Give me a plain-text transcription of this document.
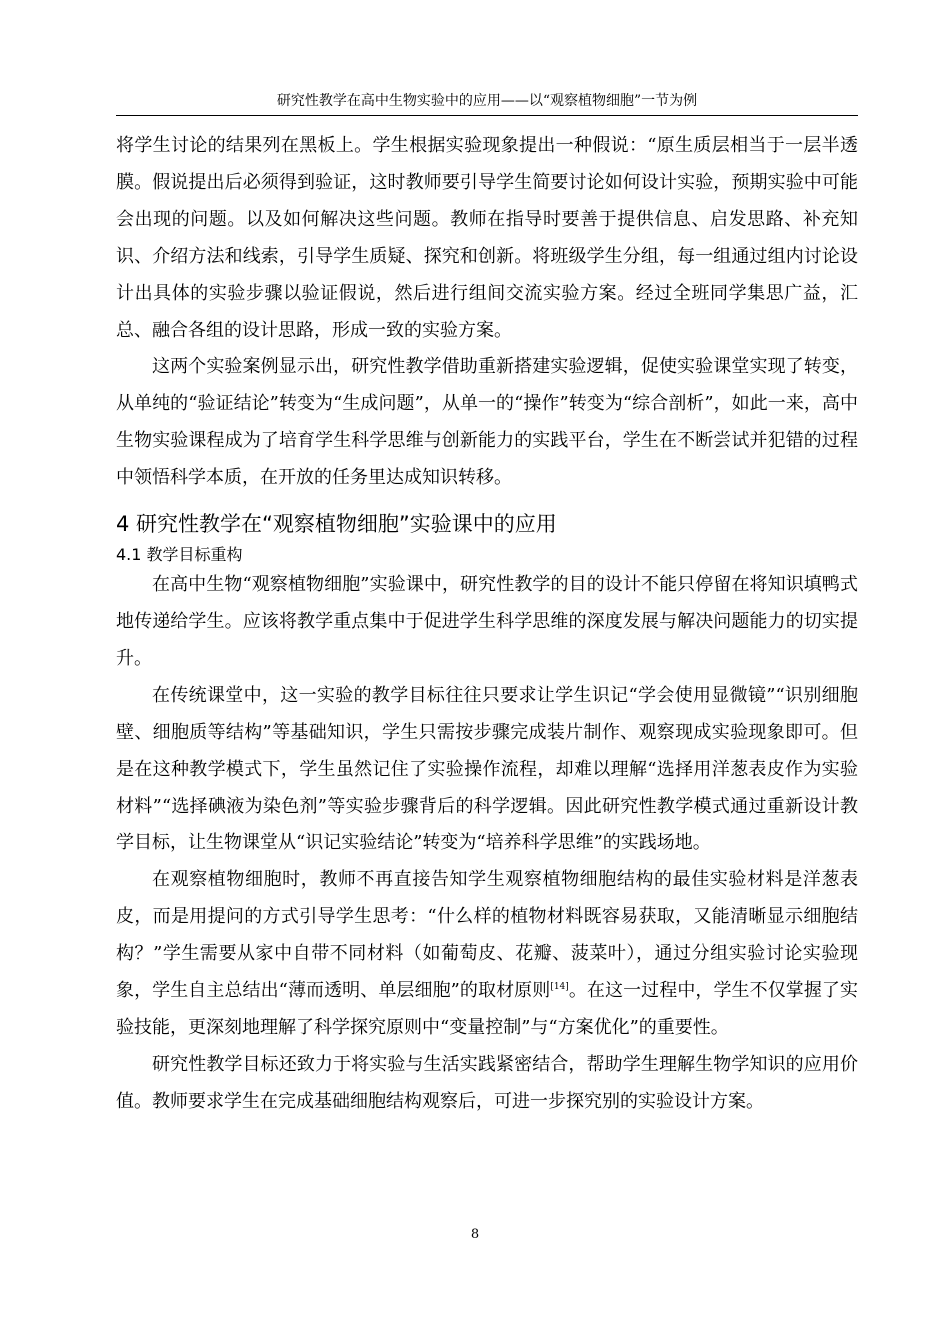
研究性教学在高中生物实验中的应用——以“观察植物细胞”一节为例

将学生讨论的结果列在黑板上。学生根据实验现象提出一种假说：“原生质层相当于一层半透膜。假说提出后必须得到验证，这时教师要引导学生简要讨论如何设计实验，预期实验中可能会出现的问题。以及如何解决这些问题。教师在指导时要善于提供信息、启发思路、补充知识、介绍方法和线索，引导学生质疑、探究和创新。将班级学生分组，每一组通过组内讨论设计出具体的实验步骤以验证假说，然后进行组间交流实验方案。经过全班同学集思广益，汇总、融合各组的设计思路，形成一致的实验方案。

这两个实验案例显示出，研究性教学借助重新搭建实验逻辑，促使实验课堂实现了转变，从单纯的“验证结论”转变为“生成问题”，从单一的“操作”转变为“综合剖析”，如此一来，高中生物实验课程成为了培育学生科学思维与创新能力的实践平台，学生在不断尝试并犯错的过程中领悟科学本质，在开放的任务里达成知识转移。

4 研究性教学在“观察植物细胞”实验课中的应用
4.1 教学目标重构

在高中生物“观察植物细胞”实验课中，研究性教学的目的设计不能只停留在将知识填鸭式地传递给学生。应该将教学重点集中于促进学生科学思维的深度发展与解决问题能力的切实提升。

在传统课堂中，这一实验的教学目标往往只要求让学生识记“学会使用显微镜”“识别细胞壁、细胞质等结构”等基础知识，学生只需按步骤完成装片制作、观察现成实验现象即可。但是在这种教学模式下，学生虽然记住了实验操作流程，却难以理解“选择用洋葱表皮作为实验材料”“选择碘液为染色剂”等实验步骤背后的科学逻辑。因此研究性教学模式通过重新设计教学目标，让生物课堂从“识记实验结论”转变为“培养科学思维”的实践场地。

在观察植物细胞时，教师不再直接告知学生观察植物细胞结构的最佳实验材料是洋葱表皮，而是用提问的方式引导学生思考：“什么样的植物材料既容易获取，又能清晰显示细胞结构？”学生需要从家中自带不同材料（如葡萄皮、花瓣、菠菜叶），通过分组实验讨论实验现象，学生自主总结出“薄而透明、单层细胞”的取材原则[14]。在这一过程中，学生不仅掌握了实验技能，更深刻地理解了科学探究原则中“变量控制”与“方案优化”的重要性。

研究性教学目标还致力于将实验与生活实践紧密结合，帮助学生理解生物学知识的应用价值。教师要求学生在完成基础细胞结构观察后，可进一步探究别的实验设计方案。

8
